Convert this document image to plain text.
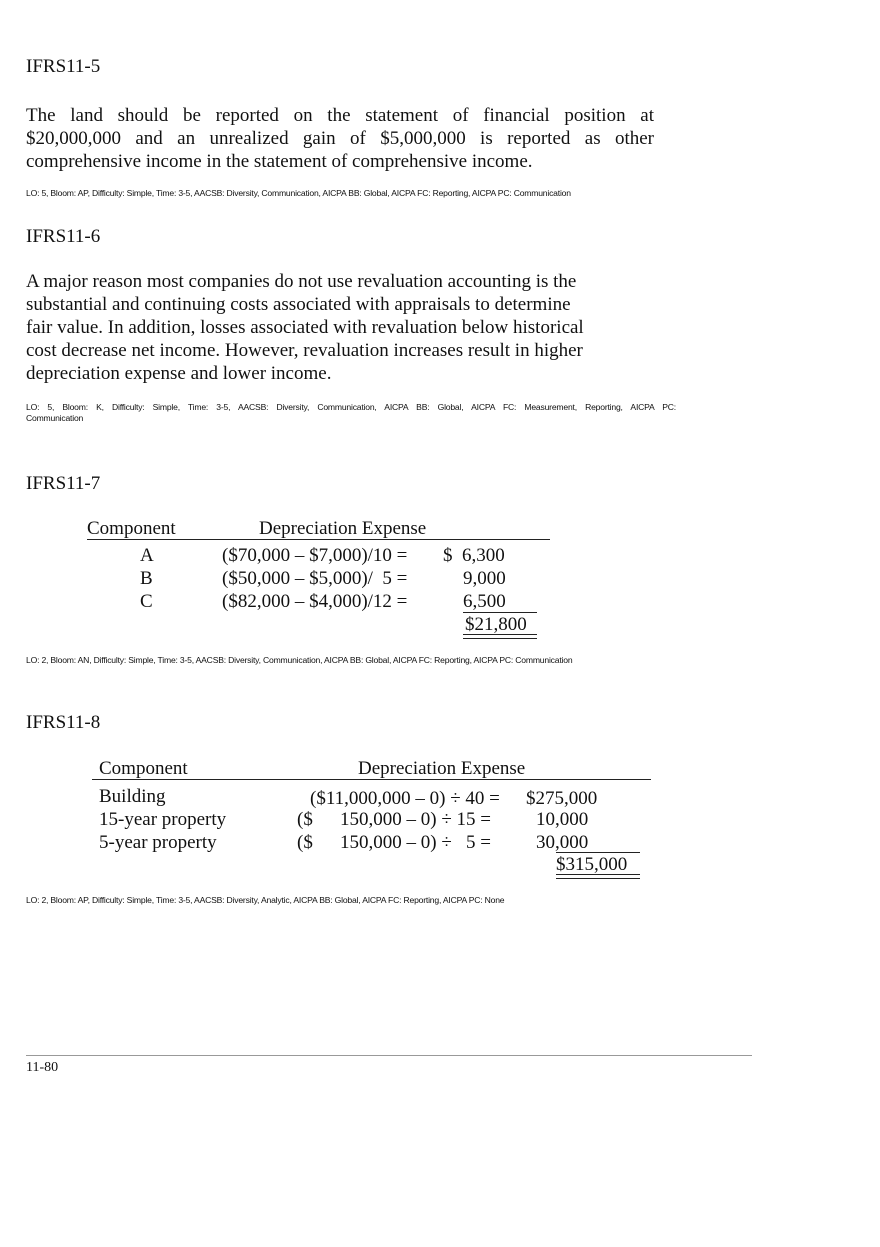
IFRS11-5
The land should be reported on the statement of financial position at
$20,000,000 and an unrealized gain of $5,000,000 is reported as other
comprehensive income in the statement of comprehensive income.
LO: 5, Bloom: AP, Difficulty: Simple, Time: 3-5, AACSB: Diversity, Communication, AICPA BB: Global, AICPA FC: Reporting, AICPA PC: Communication
IFRS11-6
A major reason most companies do not use revaluation accounting is the
substantial and continuing costs associated with appraisals to determine
fair value. In addition, losses associated with revaluation below historical
cost decrease net income. However, revaluation increases result in higher
depreciation expense and lower income.
LO: 5, Bloom: K, Difficulty: Simple, Time: 3-5, AACSB: Diversity, Communication, AICPA BB: Global, AICPA FC: Measurement, Reporting, AICPA PC:
Communication
IFRS11-7
Component	Depreciation Expense
A	($70,000 – $7,000)/10 = $  6,300
B	($50,000 – $5,000)/  5 =	9,000
C	($82,000 – $4,000)/12 =	6,500
$21,800
LO: 2, Bloom: AN, Difficulty: Simple, Time: 3-5, AACSB: Diversity, Communication, AICPA BB: Global, AICPA FC: Reporting, AICPA PC: Communication
IFRS11-8
Component	Depreciation Expense
Building	($11,000,000 – 0) ÷ 40 = $275,000
15-year property	($ 150,000 – 0) ÷ 15 = 10,000
5-year property	($ 150,000 – 0) ÷   5 = 30,000
$315,000
LO: 2, Bloom: AP, Difficulty: Simple, Time: 3-5, AACSB: Diversity, Analytic, AICPA BB: Global, AICPA FC: Reporting, AICPA PC: None
11-80
